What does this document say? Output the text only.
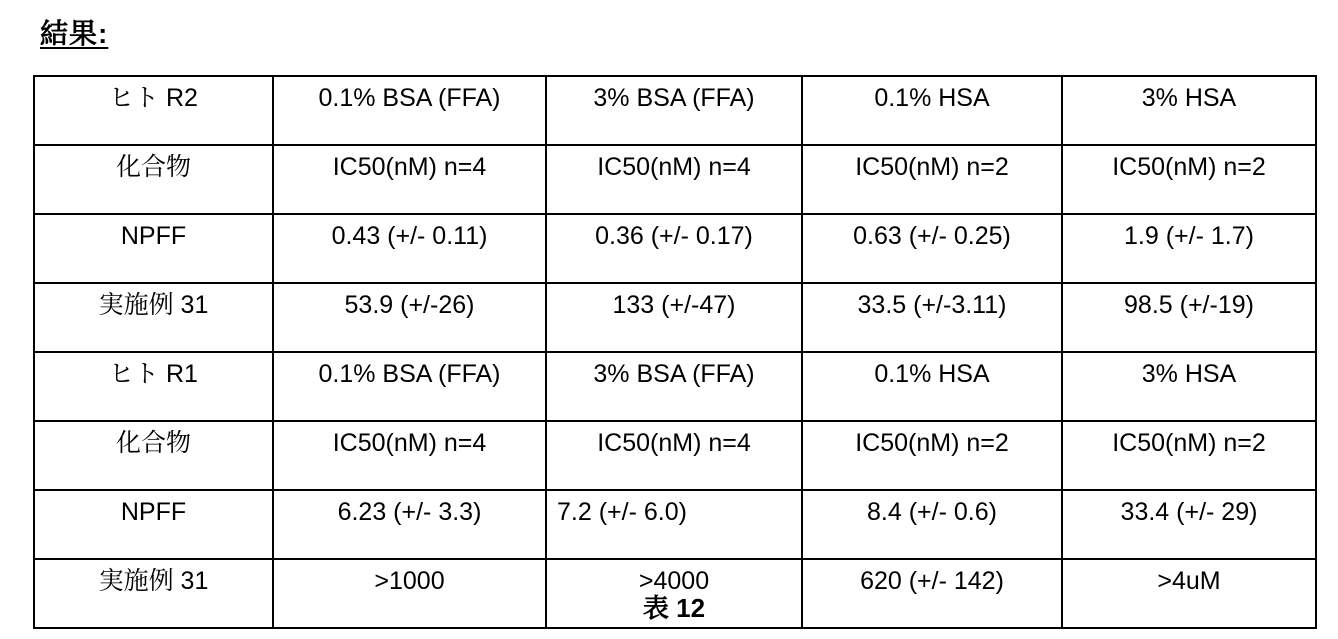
結果:
ヒト R2	0.1% BSA (FFA)	3% BSA (FFA)	0.1% HSA	3% HSA
化合物	IC50(nM) n=4	IC50(nM) n=4	IC50(nM) n=2	IC50(nM) n=2
NPFF	0.43 (+/- 0.11)	0.36 (+/- 0.17)	0.63 (+/- 0.25)	1.9 (+/- 1.7)
実施例 31	53.9 (+/-26)	133 (+/-47)	33.5 (+/-3.11)	98.5 (+/-19)
ヒト R1	0.1% BSA (FFA)	3% BSA (FFA)	0.1% HSA	3% HSA
化合物	IC50(nM) n=4	IC50(nM) n=4	IC50(nM) n=2	IC50(nM) n=2
NPFF	6.23 (+/- 3.3)	7.2 (+/- 6.0)	8.4 (+/- 0.6)	33.4 (+/- 29)
実施例 31	>1000	>4000	620 (+/- 142)	>4uM
表 12
